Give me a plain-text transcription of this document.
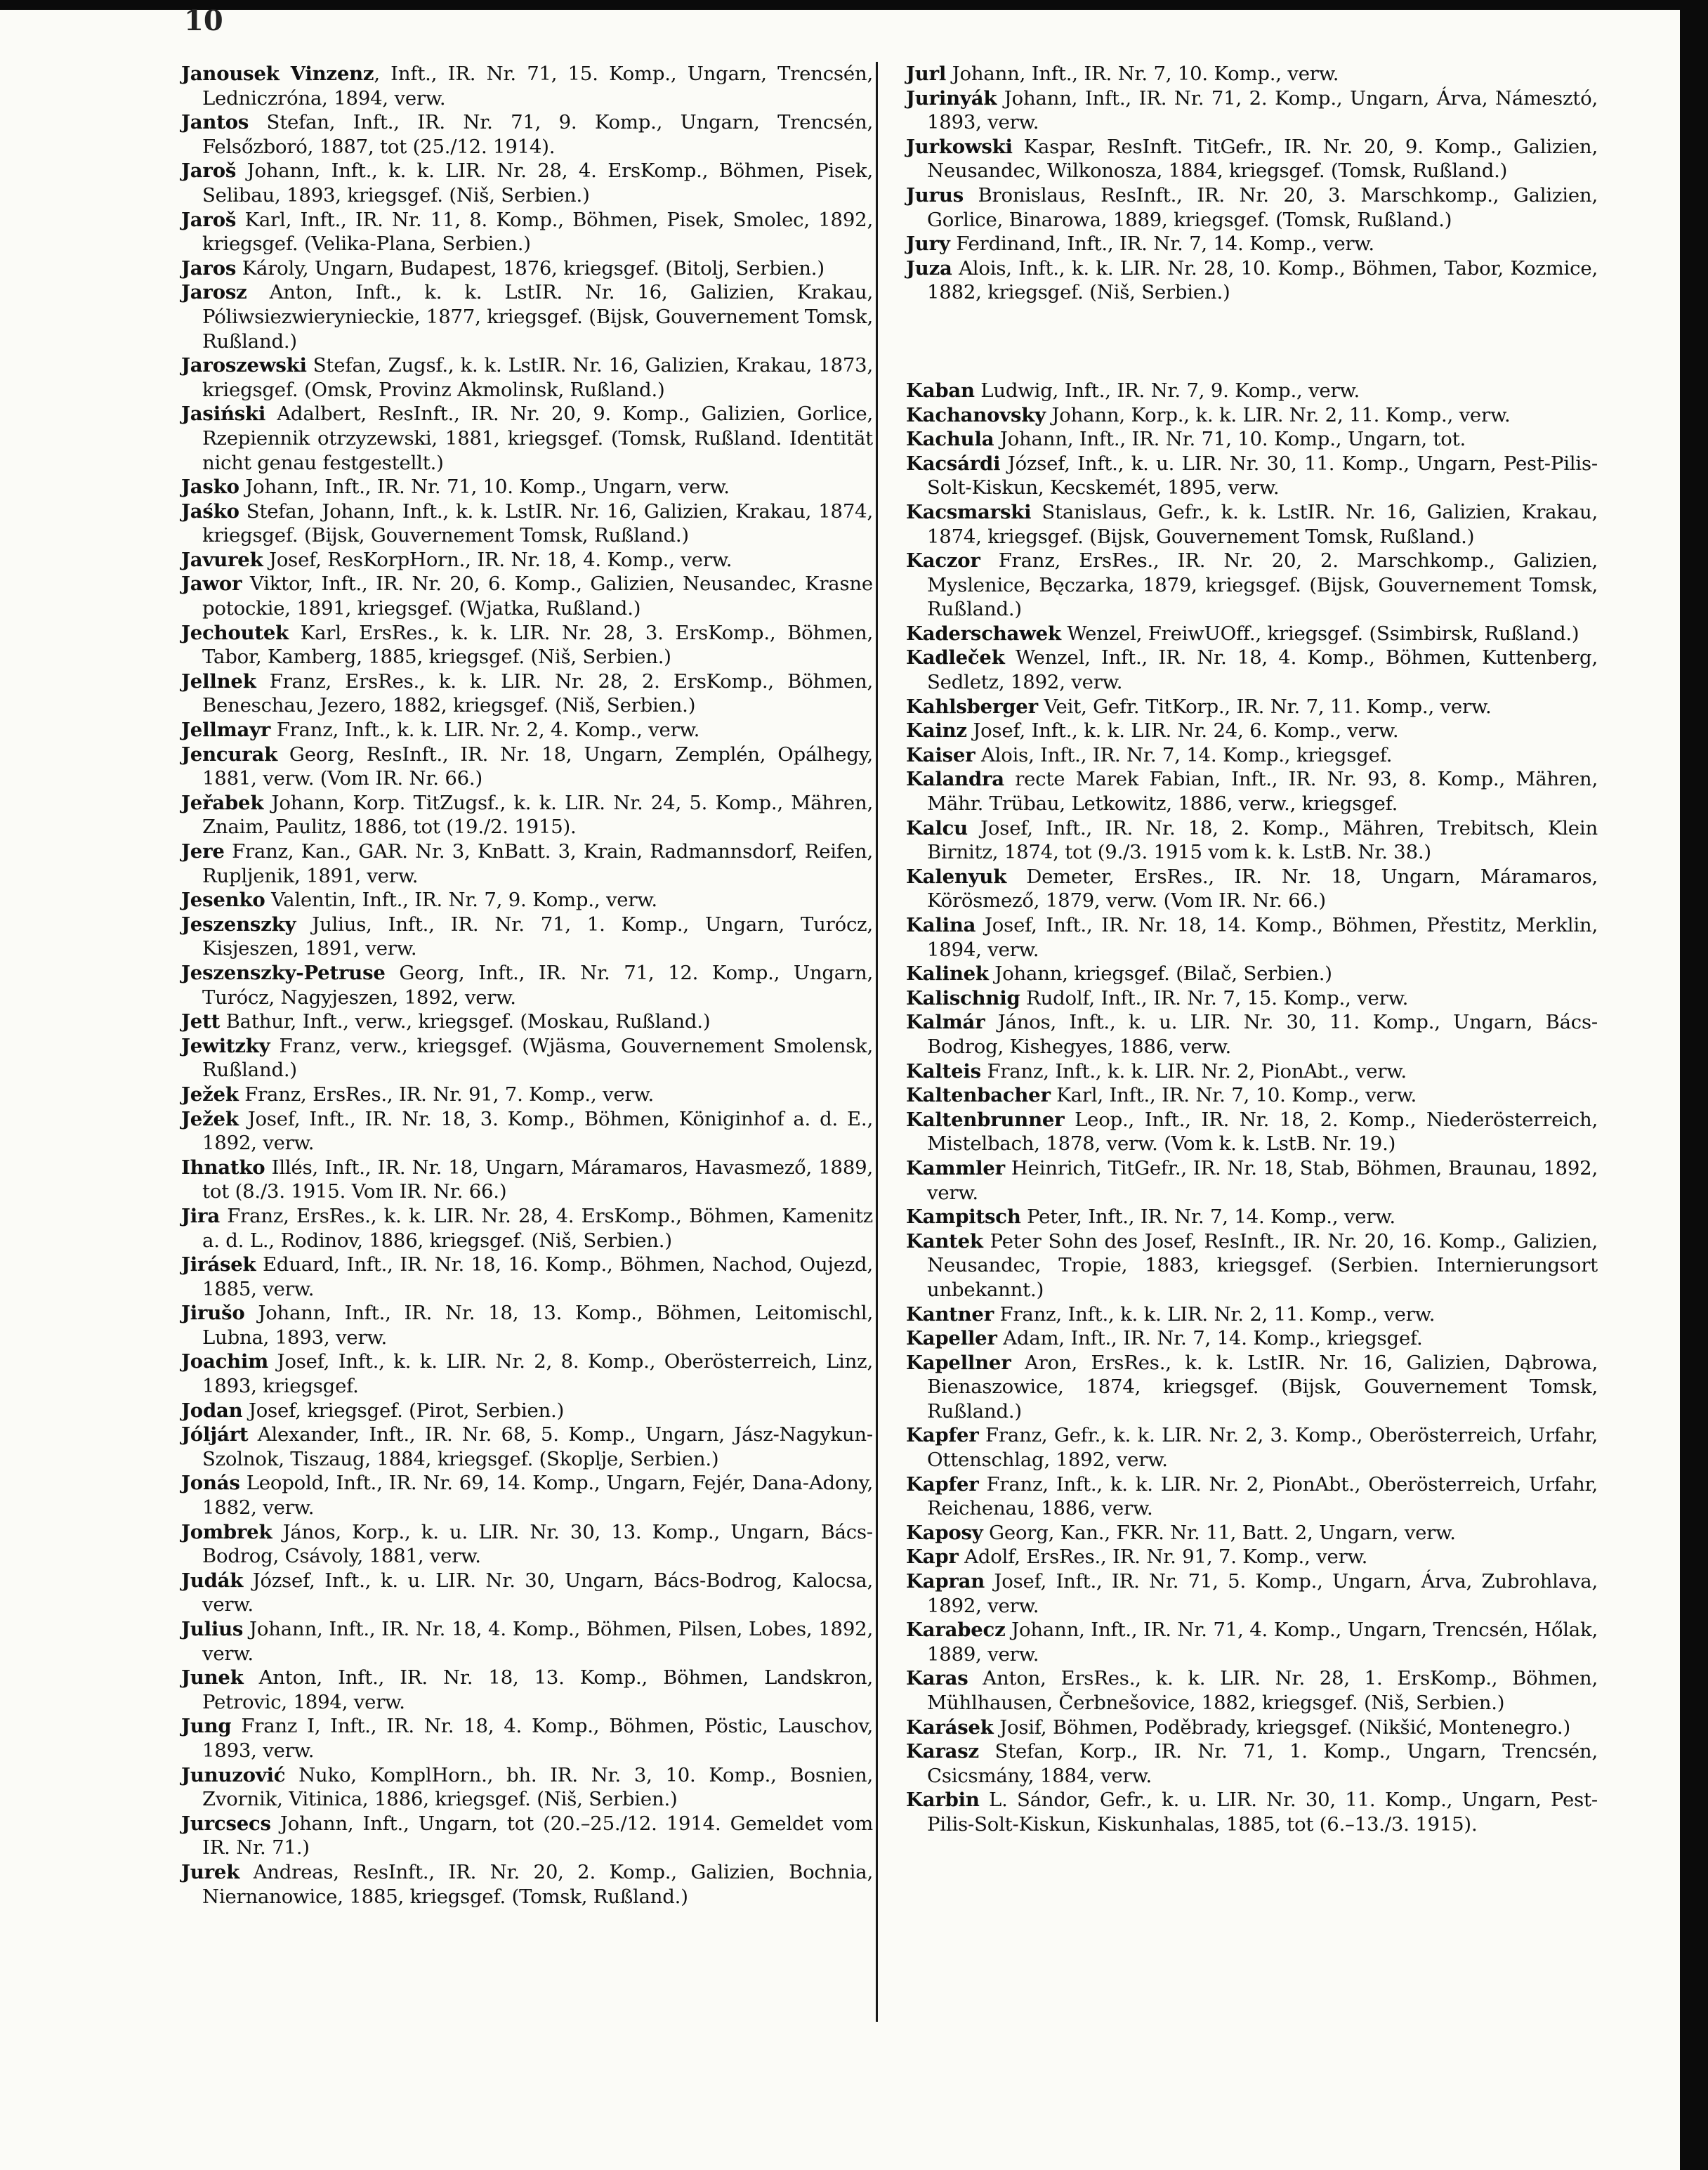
10

Janousek Vinzenz, Inft., IR. Nr. 71, 15. Komp., Ungarn, Trencsén, Ledniczróna, 1894, verw.

Jantos Stefan, Inft., IR. Nr. 71, 9. Komp., Ungarn, Trencsén, Felsőzboró, 1887, tot (25./12. 1914).

Jaroš Johann, Inft., k. k. LIR. Nr. 28, 4. ErsKomp., Böhmen, Pisek, Selibau, 1893, kriegsgef. (Niš, Serbien.)

Jaroš Karl, Inft., IR. Nr. 11, 8. Komp., Böhmen, Pisek, Smolec, 1892, kriegsgef. (Velika-Plana, Serbien.)

Jaros Károly, Ungarn, Budapest, 1876, kriegsgef. (Bitolj, Serbien.)

Jarosz Anton, Inft., k. k. LstIR. Nr. 16, Galizien, Krakau, Póliwsiezwierynieckie, 1877, kriegsgef. (Bijsk, Gouvernement Tomsk, Rußland.)

Jaroszewski Stefan, Zugsf., k. k. LstIR. Nr. 16, Galizien, Krakau, 1873, kriegsgef. (Omsk, Provinz Akmolinsk, Rußland.)

Jasiński Adalbert, ResInft., IR. Nr. 20, 9. Komp., Galizien, Gorlice, Rzepiennik otrzyzewski, 1881, kriegsgef. (Tomsk, Rußland. Identität nicht genau festgestellt.)

Jasko Johann, Inft., IR. Nr. 71, 10. Komp., Ungarn, verw.

Jaśko Stefan, Johann, Inft., k. k. LstIR. Nr. 16, Galizien, Krakau, 1874, kriegsgef. (Bijsk, Gouvernement Tomsk, Rußland.)

Javurek Josef, ResKorpHorn., IR. Nr. 18, 4. Komp., verw.

Jawor Viktor, Inft., IR. Nr. 20, 6. Komp., Galizien, Neusandec, Krasne potockie, 1891, kriegsgef. (Wjatka, Rußland.)

Jechoutek Karl, ErsRes., k. k. LIR. Nr. 28, 3. ErsKomp., Böhmen, Tabor, Kamberg, 1885, kriegsgef. (Niš, Serbien.)

Jellnek Franz, ErsRes., k. k. LIR. Nr. 28, 2. ErsKomp., Böhmen, Beneschau, Jezero, 1882, kriegsgef. (Niš, Serbien.)

Jellmayr Franz, Inft., k. k. LIR. Nr. 2, 4. Komp., verw.

Jencurak Georg, ResInft., IR. Nr. 18, Ungarn, Zemplén, Opálhegy, 1881, verw. (Vom IR. Nr. 66.)

Jeřabek Johann, Korp. TitZugsf., k. k. LIR. Nr. 24, 5. Komp., Mähren, Znaim, Paulitz, 1886, tot (19./2. 1915).

Jere Franz, Kan., GAR. Nr. 3, KnBatt. 3, Krain, Radmannsdorf, Reifen, Rupljenik, 1891, verw.

Jesenko Valentin, Inft., IR. Nr. 7, 9. Komp., verw.

Jeszenszky Julius, Inft., IR. Nr. 71, 1. Komp., Ungarn, Turócz, Kisjeszen, 1891, verw.

Jeszenszky-Petruse Georg, Inft., IR. Nr. 71, 12. Komp., Ungarn, Turócz, Nagyjeszen, 1892, verw.

Jett Bathur, Inft., verw., kriegsgef. (Moskau, Rußland.)

Jewitzky Franz, verw., kriegsgef. (Wjäsma, Gouvernement Smolensk, Rußland.)

Ježek Franz, ErsRes., IR. Nr. 91, 7. Komp., verw.

Ježek Josef, Inft., IR. Nr. 18, 3. Komp., Böhmen, Königinhof a. d. E., 1892, verw.

Ihnatko Illés, Inft., IR. Nr. 18, Ungarn, Máramaros, Havasmező, 1889, tot (8./3. 1915. Vom IR. Nr. 66.)

Jira Franz, ErsRes., k. k. LIR. Nr. 28, 4. ErsKomp., Böhmen, Kamenitz a. d. L., Rodinov, 1886, kriegsgef. (Niš, Serbien.)

Jirásek Eduard, Inft., IR. Nr. 18, 16. Komp., Böhmen, Nachod, Oujezd, 1885, verw.

Jirušo Johann, Inft., IR. Nr. 18, 13. Komp., Böhmen, Leitomischl, Lubna, 1893, verw.

Joachim Josef, Inft., k. k. LIR. Nr. 2, 8. Komp., Oberösterreich, Linz, 1893, kriegsgef.

Jodan Josef, kriegsgef. (Pirot, Serbien.)

Jóljárt Alexander, Inft., IR. Nr. 68, 5. Komp., Ungarn, Jász-Nagykun-Szolnok, Tiszaug, 1884, kriegsgef. (Skoplje, Serbien.)

Jonás Leopold, Inft., IR. Nr. 69, 14. Komp., Ungarn, Fejér, Dana-Adony, 1882, verw.

Jombrek János, Korp., k. u. LIR. Nr. 30, 13. Komp., Ungarn, Bács-Bodrog, Csávoly, 1881, verw.

Judák József, Inft., k. u. LIR. Nr. 30, Ungarn, Bács-Bodrog, Kalocsa, verw.

Julius Johann, Inft., IR. Nr. 18, 4. Komp., Böhmen, Pilsen, Lobes, 1892, verw.

Junek Anton, Inft., IR. Nr. 18, 13. Komp., Böhmen, Landskron, Petrovic, 1894, verw.

Jung Franz I, Inft., IR. Nr. 18, 4. Komp., Böhmen, Pöstic, Lauschov, 1893, verw.

Junuzović Nuko, KomplHorn., bh. IR. Nr. 3, 10. Komp., Bosnien, Zvornik, Vitinica, 1886, kriegsgef. (Niš, Serbien.)

Jurcsecs Johann, Inft., Ungarn, tot (20.–25./12. 1914. Gemeldet vom IR. Nr. 71.)

Jurek Andreas, ResInft., IR. Nr. 20, 2. Komp., Galizien, Bochnia, Niernanowice, 1885, kriegsgef. (Tomsk, Rußland.)

Jurl Johann, Inft., IR. Nr. 7, 10. Komp., verw.

Jurinyák Johann, Inft., IR. Nr. 71, 2. Komp., Ungarn, Árva, Námesztó, 1893, verw.

Jurkowski Kaspar, ResInft. TitGefr., IR. Nr. 20, 9. Komp., Galizien, Neusandec, Wilkonosza, 1884, kriegsgef. (Tomsk, Rußland.)

Jurus Bronislaus, ResInft., IR. Nr. 20, 3. Marschkomp., Galizien, Gorlice, Binarowa, 1889, kriegsgef. (Tomsk, Rußland.)

Jury Ferdinand, Inft., IR. Nr. 7, 14. Komp., verw.

Juza Alois, Inft., k. k. LIR. Nr. 28, 10. Komp., Böhmen, Tabor, Kozmice, 1882, kriegsgef. (Niš, Serbien.)

Kaban Ludwig, Inft., IR. Nr. 7, 9. Komp., verw.

Kachanovsky Johann, Korp., k. k. LIR. Nr. 2, 11. Komp., verw.

Kachula Johann, Inft., IR. Nr. 71, 10. Komp., Ungarn, tot.

Kacsárdi József, Inft., k. u. LIR. Nr. 30, 11. Komp., Ungarn, Pest-Pilis-Solt-Kiskun, Kecskemét, 1895, verw.

Kacsmarski Stanislaus, Gefr., k. k. LstIR. Nr. 16, Galizien, Krakau, 1874, kriegsgef. (Bijsk, Gouvernement Tomsk, Rußland.)

Kaczor Franz, ErsRes., IR. Nr. 20, 2. Marschkomp., Galizien, Myslenice, Bęczarka, 1879, kriegsgef. (Bijsk, Gouvernement Tomsk, Rußland.)

Kaderschawek Wenzel, FreiwUOff., kriegsgef. (Ssimbirsk, Rußland.)

Kadleček Wenzel, Inft., IR. Nr. 18, 4. Komp., Böhmen, Kuttenberg, Sedletz, 1892, verw.

Kahlsberger Veit, Gefr. TitKorp., IR. Nr. 7, 11. Komp., verw.

Kainz Josef, Inft., k. k. LIR. Nr. 24, 6. Komp., verw.

Kaiser Alois, Inft., IR. Nr. 7, 14. Komp., kriegsgef.

Kalandra recte Marek Fabian, Inft., IR. Nr. 93, 8. Komp., Mähren, Mähr. Trübau, Letkowitz, 1886, verw., kriegsgef.

Kalcu Josef, Inft., IR. Nr. 18, 2. Komp., Mähren, Trebitsch, Klein Birnitz, 1874, tot (9./3. 1915 vom k. k. LstB. Nr. 38.)

Kalenyuk Demeter, ErsRes., IR. Nr. 18, Ungarn, Máramaros, Körösmező, 1879, verw. (Vom IR. Nr. 66.)

Kalina Josef, Inft., IR. Nr. 18, 14. Komp., Böhmen, Přestitz, Merklin, 1894, verw.

Kalinek Johann, kriegsgef. (Bilač, Serbien.)

Kalischnig Rudolf, Inft., IR. Nr. 7, 15. Komp., verw.

Kalmár János, Inft., k. u. LIR. Nr. 30, 11. Komp., Ungarn, Bács-Bodrog, Kishegyes, 1886, verw.

Kalteis Franz, Inft., k. k. LIR. Nr. 2, PionAbt., verw.

Kaltenbacher Karl, Inft., IR. Nr. 7, 10. Komp., verw.

Kaltenbrunner Leop., Inft., IR. Nr. 18, 2. Komp., Niederösterreich, Mistelbach, 1878, verw. (Vom k. k. LstB. Nr. 19.)

Kammler Heinrich, TitGefr., IR. Nr. 18, Stab, Böhmen, Braunau, 1892, verw.

Kampitsch Peter, Inft., IR. Nr. 7, 14. Komp., verw.

Kantek Peter Sohn des Josef, ResInft., IR. Nr. 20, 16. Komp., Galizien, Neusandec, Tropie, 1883, kriegsgef. (Serbien. Internierungsort unbekannt.)

Kantner Franz, Inft., k. k. LIR. Nr. 2, 11. Komp., verw.

Kapeller Adam, Inft., IR. Nr. 7, 14. Komp., kriegsgef.

Kapellner Aron, ErsRes., k. k. LstIR. Nr. 16, Galizien, Dąbrowa, Bienaszowice, 1874, kriegsgef. (Bijsk, Gouvernement Tomsk, Rußland.)

Kapfer Franz, Gefr., k. k. LIR. Nr. 2, 3. Komp., Oberösterreich, Urfahr, Ottenschlag, 1892, verw.

Kapfer Franz, Inft., k. k. LIR. Nr. 2, PionAbt., Oberösterreich, Urfahr, Reichenau, 1886, verw.

Kaposy Georg, Kan., FKR. Nr. 11, Batt. 2, Ungarn, verw.

Kapr Adolf, ErsRes., IR. Nr. 91, 7. Komp., verw.

Kapran Josef, Inft., IR. Nr. 71, 5. Komp., Ungarn, Árva, Zubrohlava, 1892, verw.

Karabecz Johann, Inft., IR. Nr. 71, 4. Komp., Ungarn, Trencsén, Hőlak, 1889, verw.

Karas Anton, ErsRes., k. k. LIR. Nr. 28, 1. ErsKomp., Böhmen, Mühlhausen, Čerbnešovice, 1882, kriegsgef. (Niš, Serbien.)

Karásek Josif, Böhmen, Poděbrady, kriegsgef. (Nikšić, Montenegro.)

Karasz Stefan, Korp., IR. Nr. 71, 1. Komp., Ungarn, Trencsén, Csicsmány, 1884, verw.

Karbin L. Sándor, Gefr., k. u. LIR. Nr. 30, 11. Komp., Ungarn, Pest-Pilis-Solt-Kiskun, Kiskunhalas, 1885, tot (6.–13./3. 1915).
